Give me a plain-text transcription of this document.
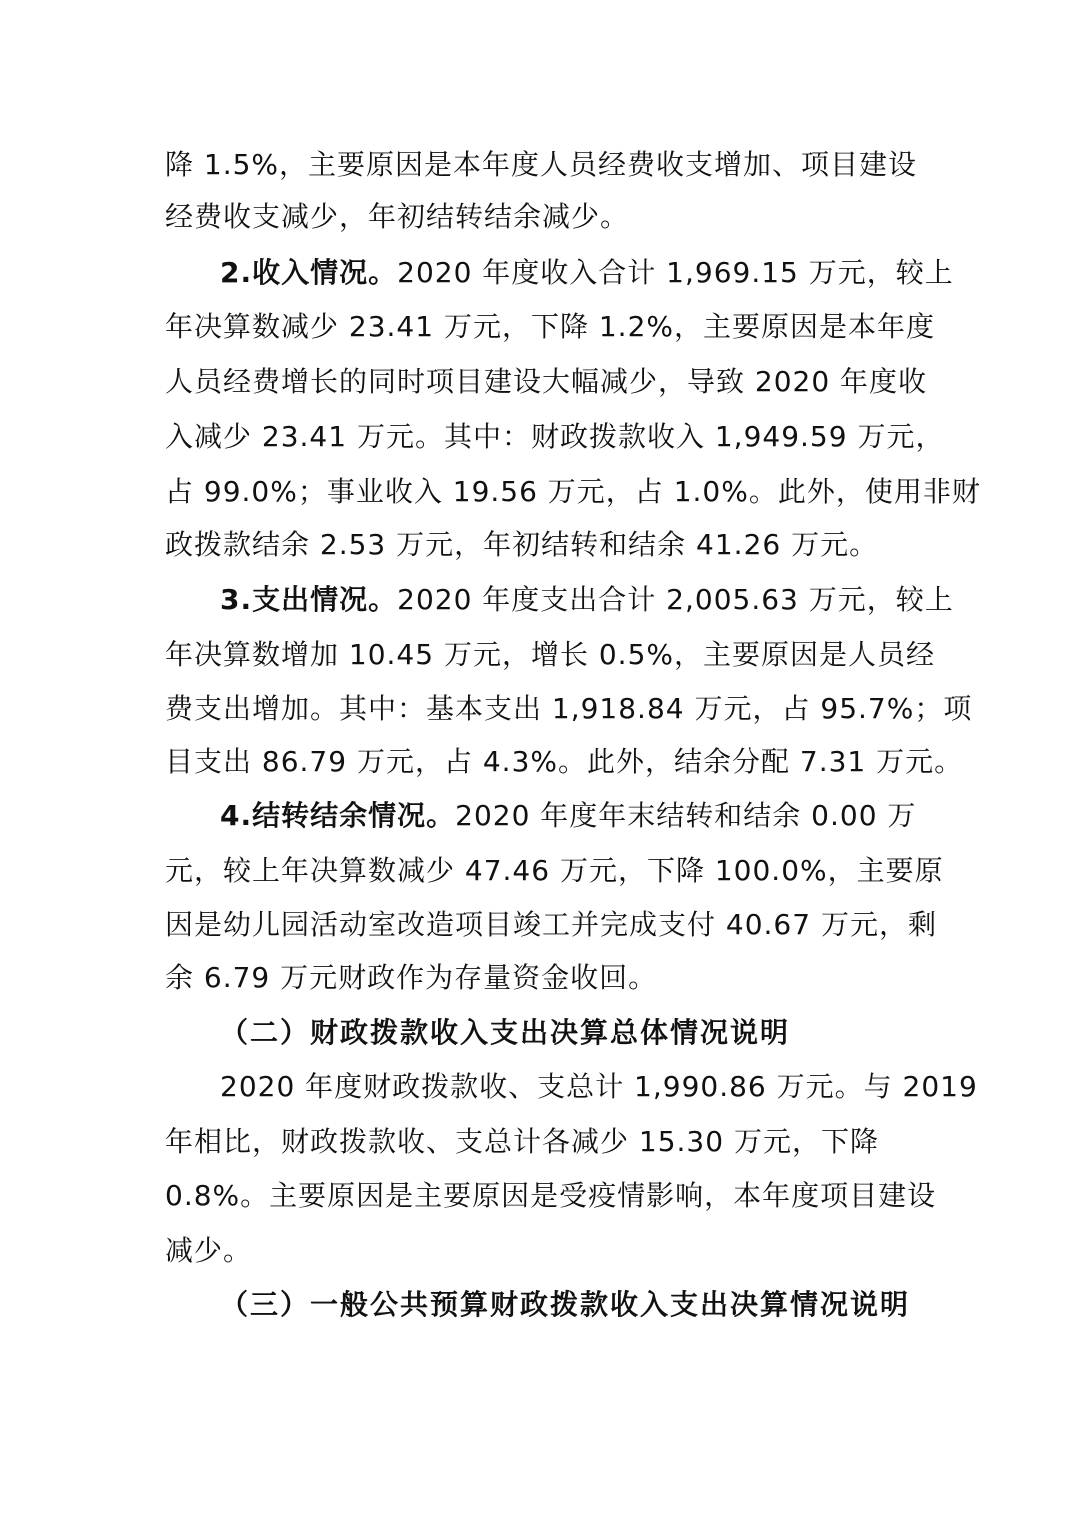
降 1.5%，主要原因是本年度人员经费收支增加、项目建设
经费收支减少，年初结转结余减少。
2.收入情况。2020 年度收入合计 1,969.15 万元，较上
年决算数减少 23.41 万元，下降 1.2%，主要原因是本年度
人员经费增长的同时项目建设大幅减少，导致 2020 年度收
入减少 23.41 万元。其中：财政拨款收入 1,949.59 万元，
占 99.0%；事业收入 19.56 万元，占 1.0%。此外，使用非财
政拨款结余 2.53 万元，年初结转和结余 41.26 万元。
3.支出情况。2020 年度支出合计 2,005.63 万元，较上
年决算数增加 10.45 万元，增长 0.5%，主要原因是人员经
费支出增加。其中：基本支出 1,918.84 万元，占 95.7%；项
目支出 86.79 万元，占 4.3%。此外，结余分配 7.31 万元。
4.结转结余情况。2020 年度年末结转和结余 0.00 万
元，较上年决算数减少 47.46 万元，下降 100.0%，主要原
因是幼儿园活动室改造项目竣工并完成支付 40.67 万元，剩
余 6.79 万元财政作为存量资金收回。
（二）财政拨款收入支出决算总体情况说明
2020 年度财政拨款收、支总计 1,990.86 万元。与 2019
年相比，财政拨款收、支总计各减少 15.30 万元，下降
0.8%。主要原因是主要原因是受疫情影响，本年度项目建设
减少。
（三）一般公共预算财政拨款收入支出决算情况说明
